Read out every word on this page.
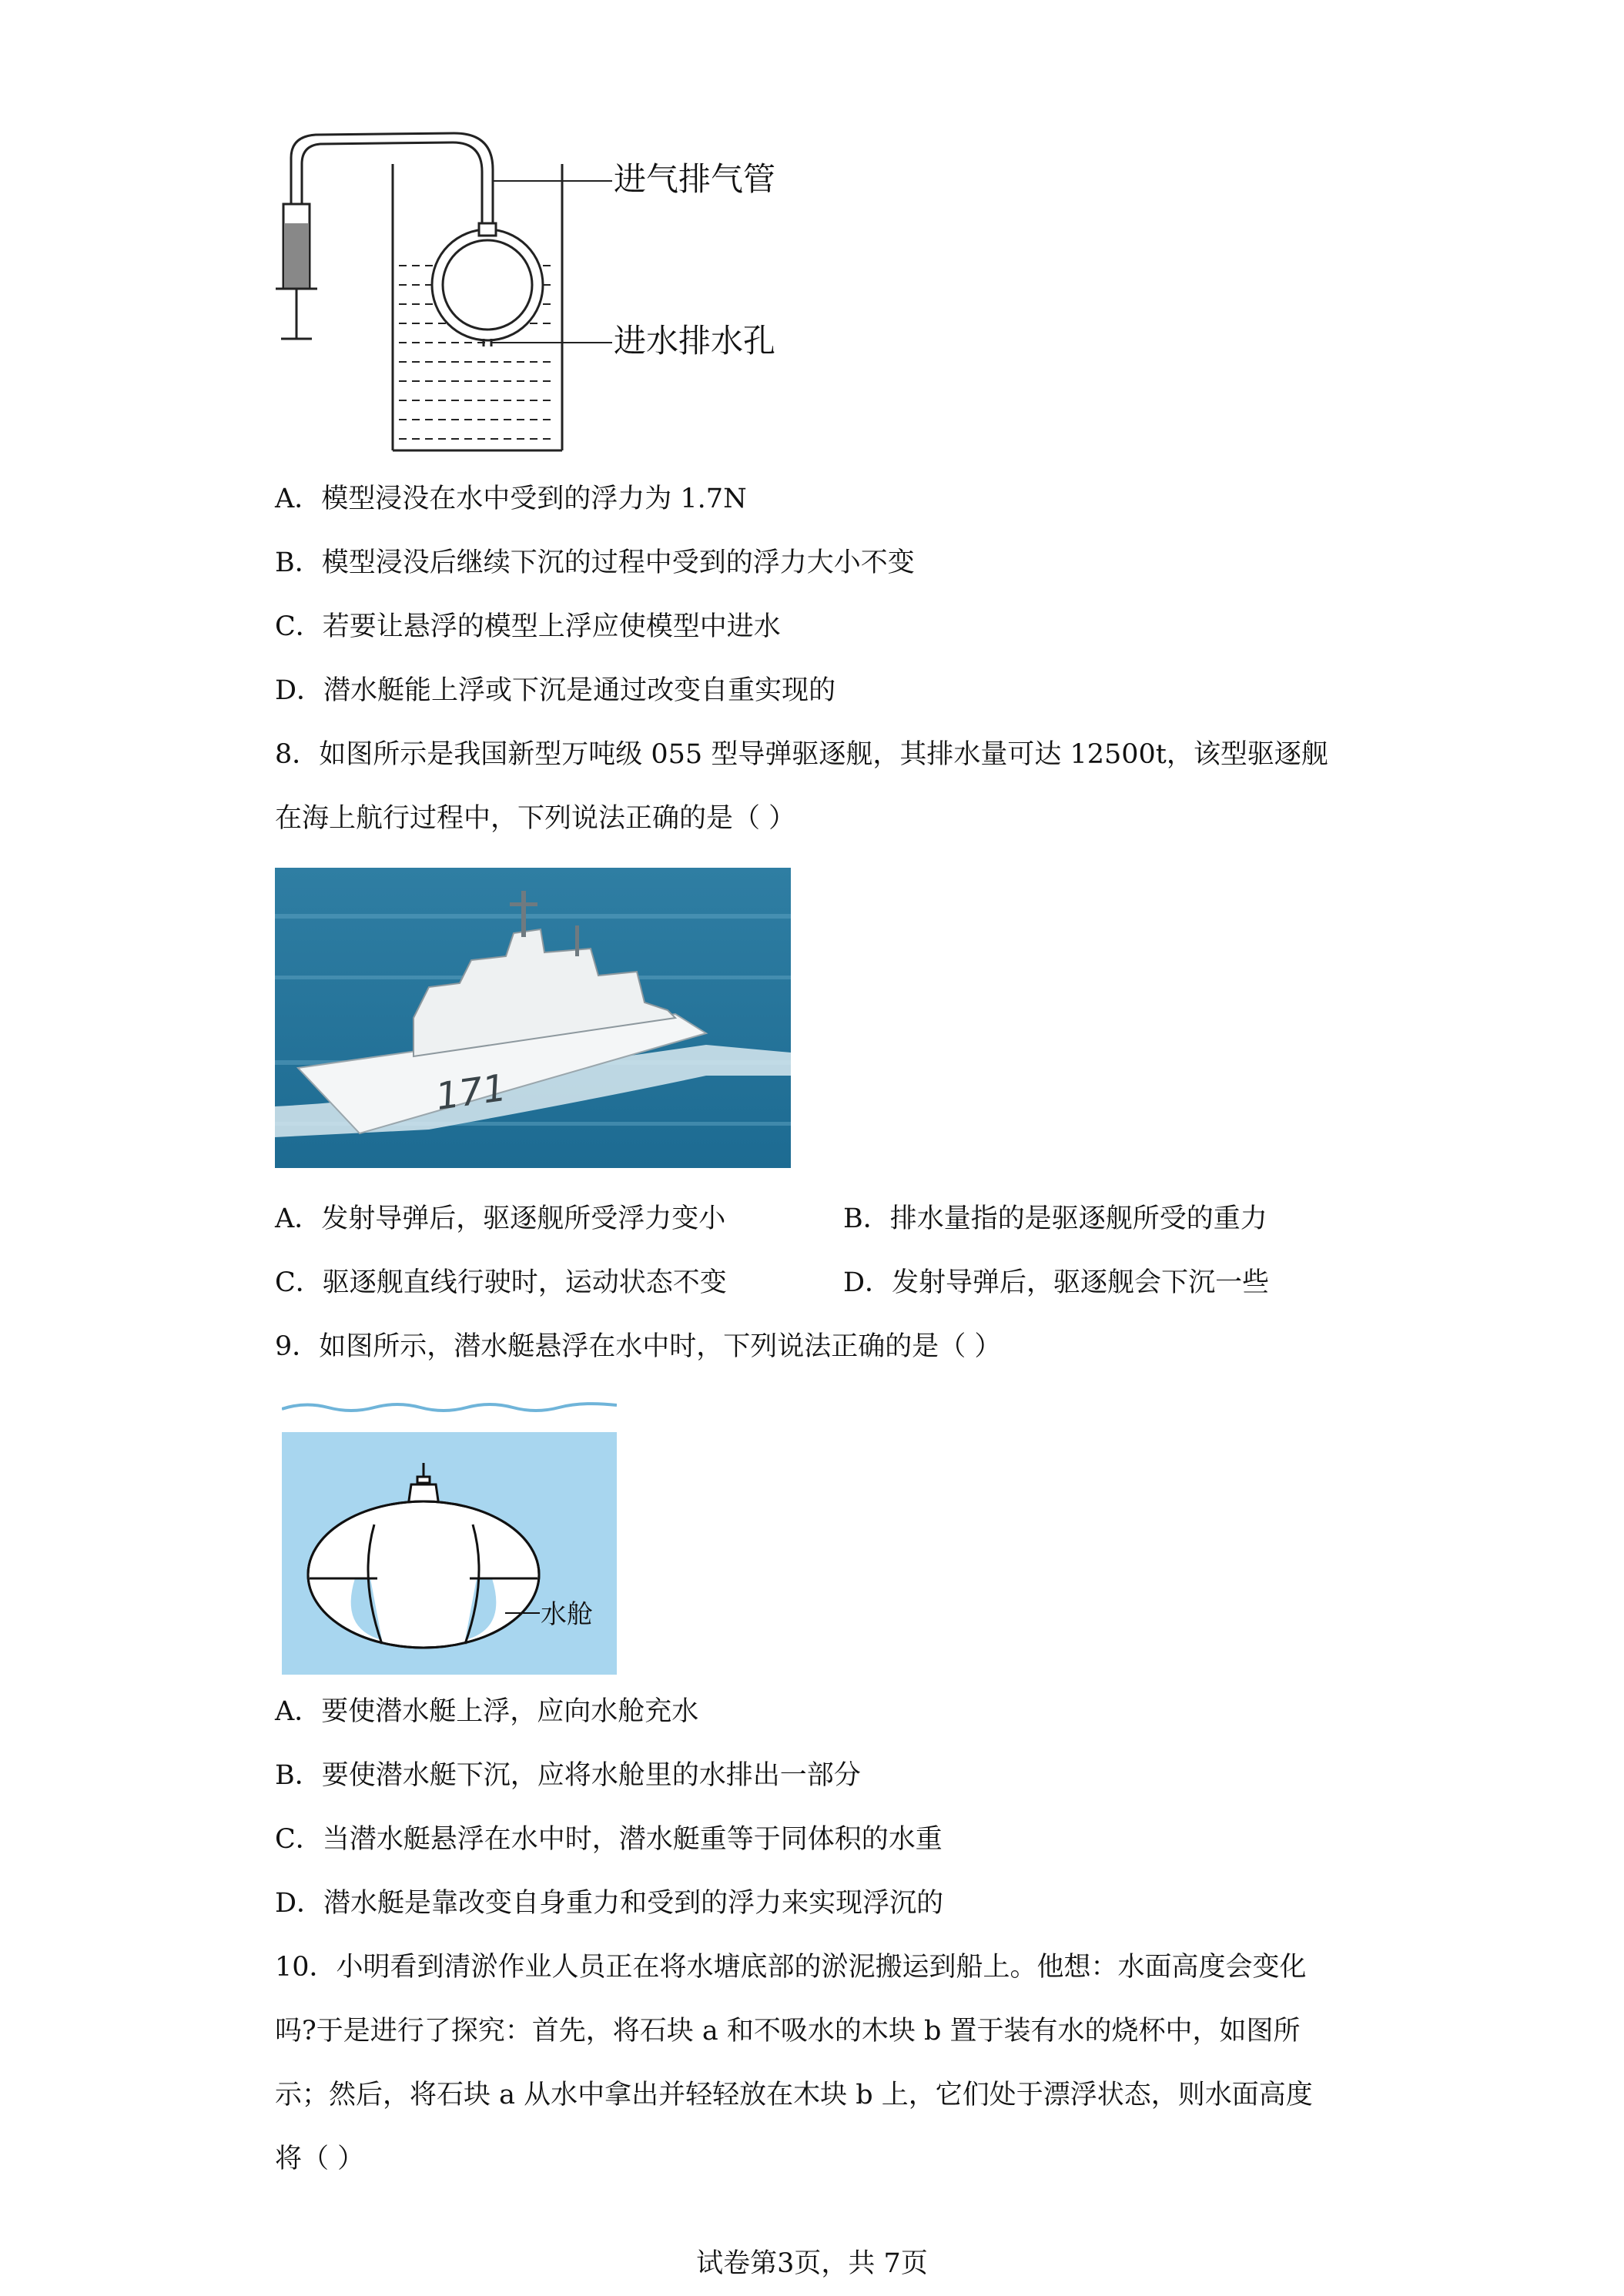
进气排气管
进水排水孔
A．模型浸没在水中受到的浮力为 1.7N
B．模型浸没后继续下沉的过程中受到的浮力大小不变
C．若要让悬浮的模型上浮应使模型中进水
D．潜水艇能上浮或下沉是通过改变自重实现的
8．如图所示是我国新型万吨级 055 型导弹驱逐舰，其排水量可达 12500t，该型驱逐舰
在海上航行过程中，下列说法正确的是（ ）
171
A．发射导弹后，驱逐舰所受浮力变小	B．排水量指的是驱逐舰所受的重力
C．驱逐舰直线行驶时，运动状态不变	D．发射导弹后，驱逐舰会下沉一些
9．如图所示，潜水艇悬浮在水中时，下列说法正确的是（ ）
水舱
A．要使潜水艇上浮，应向水舱充水
B．要使潜水艇下沉，应将水舱里的水排出一部分
C．当潜水艇悬浮在水中时，潜水艇重等于同体积的水重
D．潜水艇是靠改变自身重力和受到的浮力来实现浮沉的
10．小明看到清淤作业人员正在将水塘底部的淤泥搬运到船上。他想：水面高度会变化
吗?于是进行了探究：首先，将石块 a 和不吸水的木块 b 置于装有水的烧杯中，如图所
示；然后，将石块 a 从水中拿出并轻轻放在木块 b 上，它们处于漂浮状态，则水面高度
将（ ）
试卷第3页，共 7页
